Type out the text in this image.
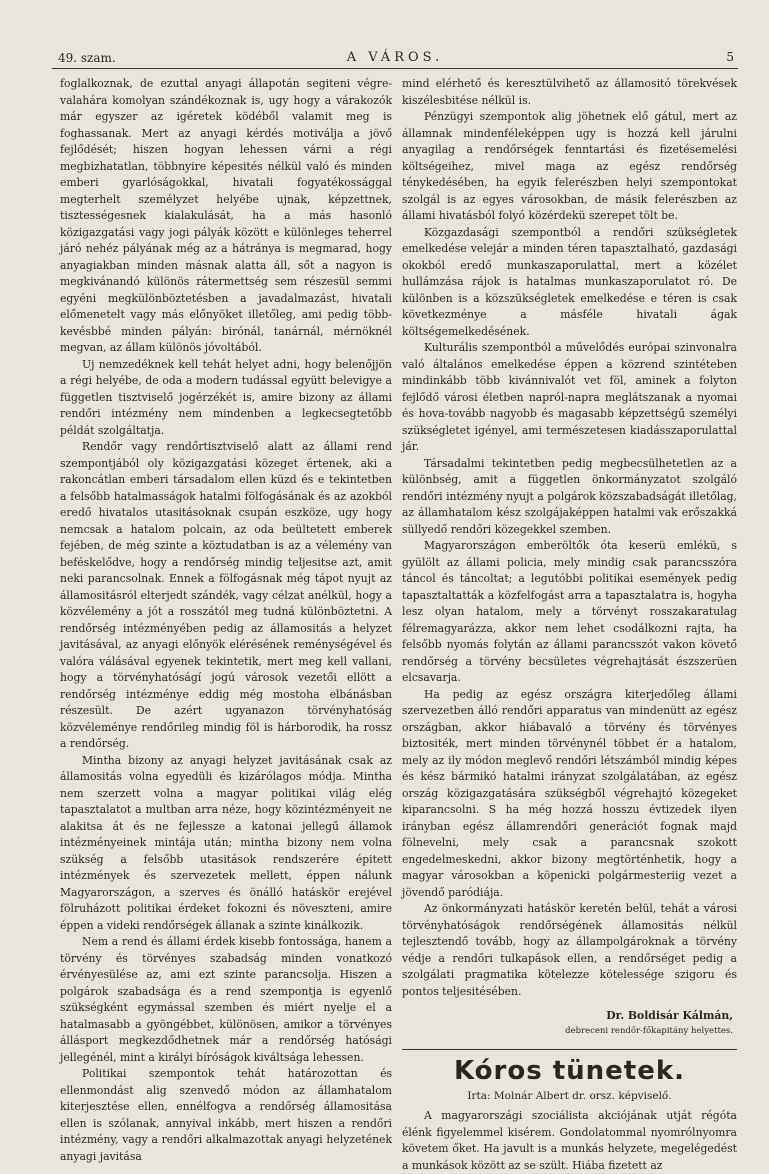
49. szam.	A VÁROS.	5

foglalkoznak, de ezuttal anyagi állapotán segiteni végre-valahára komolyan szándékoznak is, ugy hogy a várakozók már egyszer az igéretek ködéből valamit meg is foghassanak. Mert az anyagi kérdés motiválja a jövő fejlődését; hiszen hogyan lehessen várni a régi megbizhatatlan, többnyire képesités nélkül való és minden emberi gyarlóságokkal, hivatali fogyatékossággal megterhelt személyzet helyébe ujnak, képzettnek, tisztességesnek kialakulását, ha a más hasonló közigazgatási vagy jogi pályák között e különleges teherrel járó nehéz pályának még az a hátránya is megmarad, hogy anyagiakban minden másnak alatta áll, sőt a nagyon is megkivánandó különös rátermettség sem részesül semmi egyéni megkülönböztetésben a javadalmazást, hivatali előmenetelt vagy más előnyöket illetőleg, ami pedig több-kevésbbé minden pályán: birónál, tanárnál, mérnöknél megvan, az állam különös jóvoltából.

Uj nemzedéknek kell tehát helyet adni, hogy belenőjjön a régi helyébe, de oda a modern tudással együtt belevigye a független tisztviselő jogérzékét is, amire bizony az állami rendőri intézmény nem mindenben a legkecsegtetőbb példát szolgáltatja.

Rendőr vagy rendőrtisztviselő alatt az állami rend szempontjából oly közigazgatási közeget értenek, aki a rakoncátlan emberi társadalom ellen küzd és e tekintetben a felsőbb hatalmasságok hatalmi fölfogásának és az azokból eredő hivatalos utasitásoknak csupán eszköze, ugy hogy nemcsak a hatalom polcain, az oda beültetett emberek fejében, de még szinte a köztudatban is az a vélemény van beféskelődve, hogy a rendőrség mindig teljesitse azt, amit neki parancsolnak. Ennek a fölfogásnak még tápot nyujt az államositásról elterjedt szándék, vagy célzat anélkül, hogy a közvélemény a jót a rosszától meg tudná különböztetni. A rendőrség intézményében pedig az államositás a helyzet javitásával, az anyagi előnyök elérésének reménységével és valóra válásával egyenek tekintetik, mert meg kell vallani, hogy a törvényhatóságí jogú városok vezetői ellött a rendőrség intézménye eddig még mostoha elbánásban részesült. De azért ugyanazon törvényhatóság közvéleménye rendőrileg mindig föl is hárborodik, ha rossz a rendőrség.

Mintha bizony az anyagi helyzet javitásának csak az államositás volna egyedüli és kizárólagos módja. Mintha nem szerzett volna a magyar politikai világ elég tapasztalatot a multban arra néze, hogy közintézményeit ne alakitsa át és ne fejlessze a katonai jellegű államok intézményeinek mintája után; mintha bizony nem volna szükség a felsőbb utasitások rendszerére épitett intézmények és szervezetek mellett, éppen nálunk Magyarországon, a szerves és önálló hatáskör erejével fölruházott politikai érdeket fokozni és növeszteni, amire éppen a videki rendőrségek állanak a szinte kinálkozik.

Nem a rend és állami érdek kisebb fontossága, hanem a törvény és törvényes szabadság minden vonatkozó érvényesülése az, ami ezt szinte parancsolja. Hiszen a polgárok szabadsága és a rend szempontja is egyenlő szükségként egymással szemben és miért nyelje el a hatalmasabb a gyöngébbet, különösen, amikor a törvényes állásport megkezdődhetnek már a rendőrség hatósági jellegénél, mint a királyi bíróságok kiváltsága lehessen.

Politikai szempontok tehát határozottan és ellenmondást alig szenvedő módon az államhatalom kiterjesztése ellen, ennélfogva a rendőrség államositása ellen is szólanak, annyival inkább, mert hiszen a rendőri intézmény, vagy a rendőri alkalmazottak anyagi helyzetének anyagi javitása

mind elérhető és keresztülvihető az államositó törekvések kiszélesbitése nélkül is.

Pénzügyi szempontok alig jöhetnek elő gátul, mert az államnak mindenféleképpen ugy is hozzá kell járulni anyagilag a rendőrségek fenntartási és fizetésemelési költségeihez, mivel maga az egész rendőrség ténykedésében, ha egyik felerészben helyi szempontokat szolgál is az egyes városokban, de másik felerészben az állami hivatásból folyó közérdekü szerepet tölt be.

Közgazdasági szempontból a rendőri szükségletek emelkedése velejár a minden téren tapasztalható, gazdasági okokból eredő munkaszaporulattal, mert a közélet hullámzása rájok is hatalmas munkaszaporulatot ró. De különben is a közszükségletek emelkedése e téren is csak következménye a másféle hivatali ágak költségemelkedésének.

Kulturális szempontból a művelődés európai szinvonalra való általános emelkedése éppen a közrend szintéteben mindinkább több kivánnivalót vet föl, aminek a folyton fejlődő városi életben napról-napra meglátszanak a nyomai és hova-tovább nagyobb és magasabb képzettségű személyi szükségletet igényel, ami természetesen kiadásszaporulattal jár.

Társadalmi tekintetben pedig megbecsülhetetlen az a különbség, amit a független önkormányzatot szolgáló rendőri intézmény nyujt a polgárok közszabadságát illetőlag, az államhatalom kész szolgájaképpen hatalmi vak erőszakká süllyedő rendőri közegekkel szemben.

Magyarországon emberöltők óta keserü emlékü, s gyülölt az állami policia, mely mindig csak parancsszóra táncol és táncoltat; a legutóbbi politikai események pedig tapasztaltatták a közfelfogást arra a tapasztalatra is, hogyha lesz olyan hatalom, mely a törvényt rosszakaratulag félremagyarázza, akkor nem lehet csodálkozni rajta, ha felsőbb nyomás folytán az állami parancsszót vakon követő rendőrség a törvény becsületes végrehajtását észszerüen elcsavarja.

Ha pedig az egész országra kiterjedőleg állami szervezetben álló rendőri apparatus van mindenütt az egész országban, akkor hiábavaló a törvény és törvényes biztositék, mert minden törvénynél többet ér a hatalom, mely az ily módon meglevő rendőri létszámból mindig képes és kész bármikó hatalmi irányzat szolgálatában, az egész ország közigazgatására szükségből végrehajtó közegeket kiparancsolni. S ha még hozzá hosszu évtizedek ilyen irányban egész államrendőri generációt fognak majd fölnevelni, mely csak a parancsnak szokott engedelmeskedni, akkor bizony megtörténhetik, hogy a magyar városokban a köpenicki polgármesteriig vezet a jövendő paródiája.

Az önkormányzati hatáskör keretén belül, tehát a városi törvényhatóságok rendőrségének államositás nélkül tejlesztendő tovább, hogy az állampolgároknak a törvény védje a rendőri tulkapások ellen, a rendőrséget pedig a szolgálati pragmatika kötelezze kötelessége szigoru és pontos teljesitésében.

Dr. Boldisár Kálmán,
debreceni rendőr-főkapitány helyettes.
Kóros tünetek.
Irta: Molnár Albert dr. orsz. képviselő.

A magyarországi szociálista akciójának utját régóta élénk figyelemmel kisérem. Gondolatommal nyomrólnyomra követem őket. Ha javult is a munkás helyzete, megelégedést a munkások között az se szült. Hiába fizetett az
